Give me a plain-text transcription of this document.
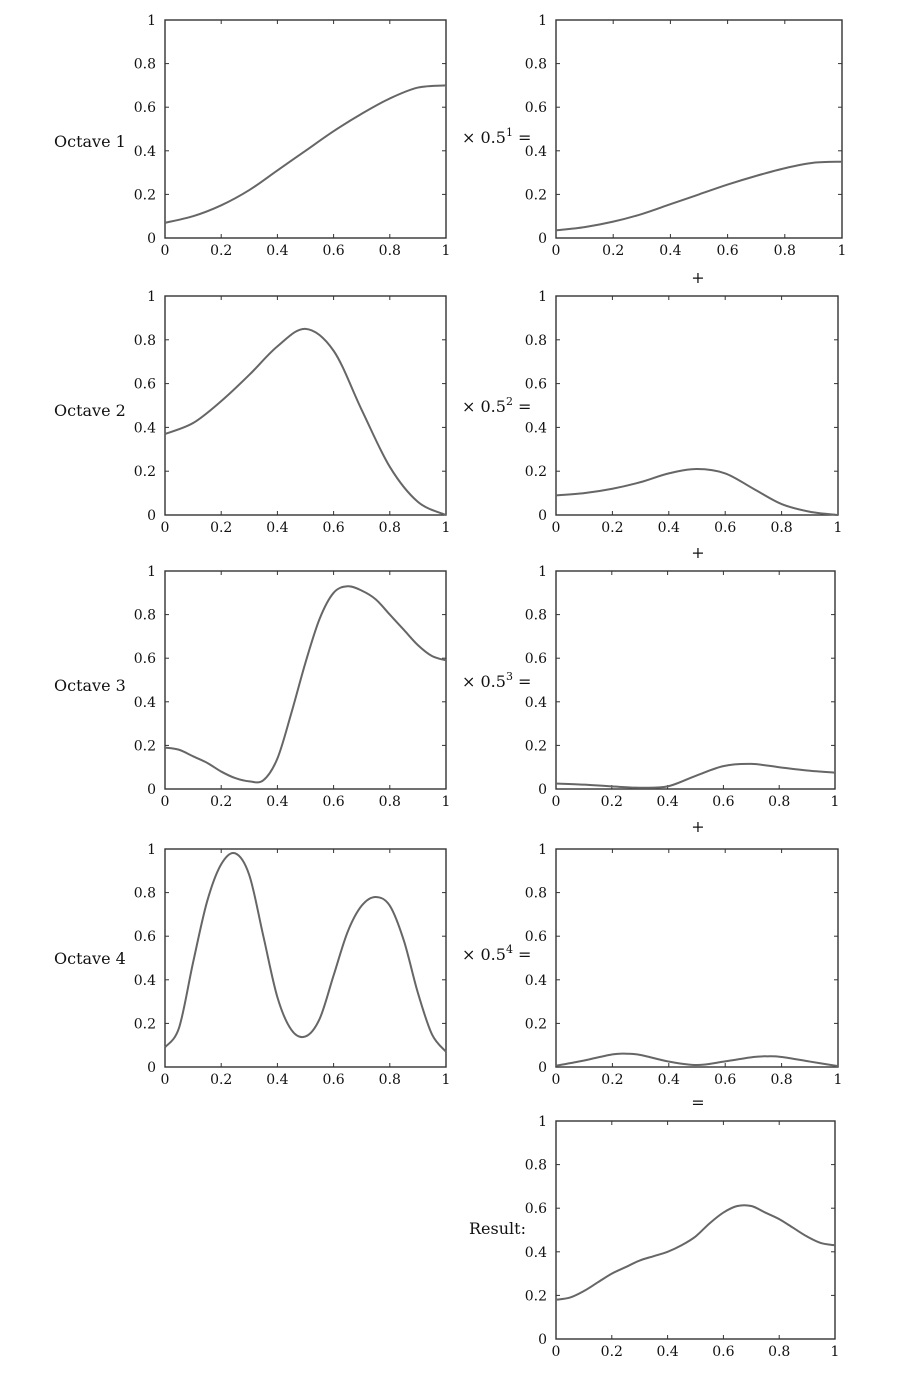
0	0.2 0.4 0.6 0.8	1
0
0.2
0.4
0.6
0.8
1
0	0.2 0.4 0.6 0.8	1
0
0.2
0.4
0.6
0.8
1
0	0.2 0.4 0.6 0.8	1
0
0.2
0.4
0.6
0.8
1
0	0.2 0.4 0.6 0.8	1
0
0.2
0.4
0.6
0.8
1
0	0.2 0.4 0.6 0.8	1
0
0.2
0.4
0.6
0.8
1
0	0.2 0.4 0.6 0.8	1
0
0.2
0.4
0.6
0.8
1
0	0.2 0.4 0.6 0.8	1
0
0.2
0.4
0.6
0.8
1
0	0.2 0.4 0.6 0.8	1
0
0.2
0.4
0.6
0.8
1
0	0.2 0.4 0.6 0.8	1
0
0.2
0.4
0.6
0.8
1
Octave 1	× $0.5^1$ =
Octave 2	× $0.5^2$ =
Octave 3	× $0.5^3$ =
Octave 4	× $0.5^4$ =
+
+
+
=
Result:
